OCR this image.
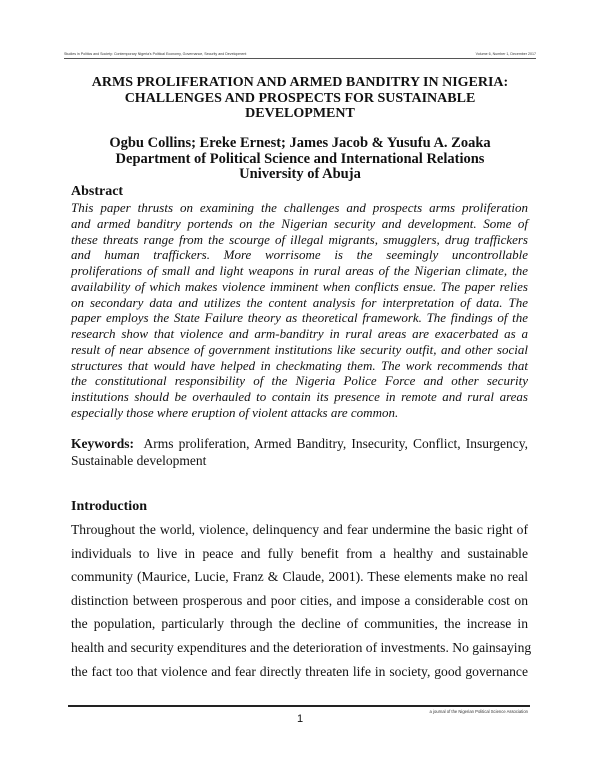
Studies in Politics and Society: Contemporary Nigeria's Political Economy, Governance, Security and Development	Volume 6, Number 1, December 2017
ARMS PROLIFERATION AND ARMED BANDITRY IN NIGERIA:
CHALLENGES AND PROSPECTS FOR SUSTAINABLE
DEVELOPMENT
Ogbu Collins; Ereke Ernest; James Jacob & Yusufu A. Zoaka
Department of Political Science and International Relations
University of Abuja
Abstract
This paper thrusts on examining the challenges and prospects arms proliferation
and armed banditry portends on the Nigerian security and development. Some of
these threats range from the scourge of illegal migrants, smugglers, drug traffickers
and human traffickers. More worrisome is the seemingly uncontrollable
proliferations of small and light weapons in rural areas of the Nigerian climate, the
availability of which makes violence imminent when conflicts ensue. The paper relies
on secondary data and utilizes the content analysis for interpretation of data. The
paper employs the State Failure theory as theoretical framework. The findings of the
research show that violence and arm-banditry in rural areas are exacerbated as a
result of near absence of government institutions like security outfit, and other social
structures that would have helped in checkmating them. The work recommends that
the constitutional responsibility of the Nigeria Police Force and other security
institutions should be overhauled to contain its presence in remote and rural areas
especially those where eruption of violent attacks are common.
Keywords: Arms proliferation, Armed Banditry, Insecurity, Conflict, Insurgency,
Sustainable development
Introduction
Throughout the world, violence, delinquency and fear undermine the basic right of
individuals to live in peace and fully benefit from a healthy and sustainable
community (Maurice, Lucie, Franz & Claude, 2001). These elements make no real
distinction between prosperous and poor cities, and impose a considerable cost on
the population, particularly through the decline of communities, the increase in
health and security expenditures and the deterioration of investments. No gainsaying
the fact too that violence and fear directly threaten life in society, good governance
a journal of the Nigerian Political Science Association
1
